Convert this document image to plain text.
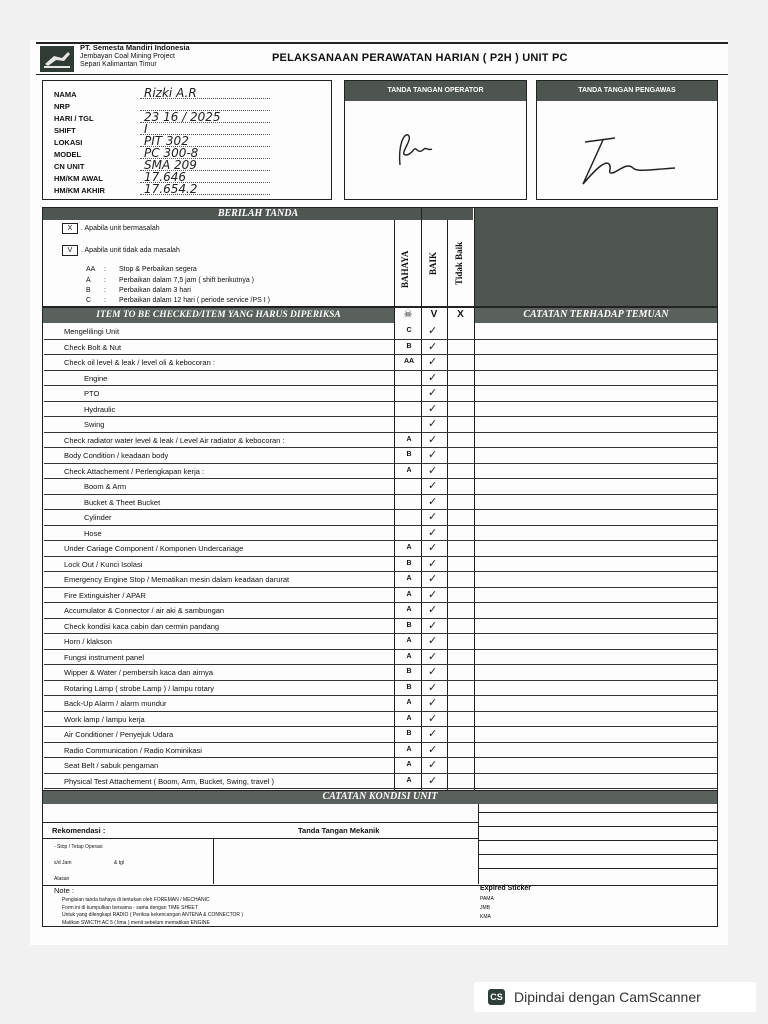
PT. Semesta Mandiri Indonesia
Jembayan Coal Mining Project
Separi Kalimantan Timur
PELAKSANAAN PERAWATAN HARIAN ( P2H ) UNIT PC
NAMA	Rizki A.R
NRP
HARI / TGL	23 16 / 2025
SHIFT	I
LOKASI	PIT 302
MODEL	PC 300-8
CN UNIT	SMA 209
HM/KM AWAL	17.646
HM/KM AKHIR	17.654.2
TANDA TANGAN OPERATOR	TANDA TANGAN PENGAWAS
BERILAH TANDA
X . Apabila unit bermasalah
V . Apabila unit tidak ada masalah
AA : Stop & Perbaikan segera
A : Perbaikan dalam 7,5 jam ( shift berikutnya )
B : Perbaikan dalam 3 hari
C : Perbaikan dalam 12 hari ( periode service /PS I )
BAHAYA BAIK Tidak Baik
ITEM TO BE CHECKED/ITEM YANG HARUS DIPERIKSA	☠	V	X	CATATAN TERHADAP TEMUAN
Mengelilingi Unit	C	✓
Check Bolt & Nut	B	✓
Check oil level & leak / level oli & kebocoran :	AA	✓
Engine	✓
PTO	✓
Hydraulic	✓
Swing	✓
Check radiator water level & leak / Level Air radiator & kebocoran :	A	✓
Body Condition / keadaan body	B	✓
Check Attachement / Perlengkapan kerja :	A	✓
Boom & Arm	✓
Bucket & Theet Bucket	✓
Cylinder	✓
Hose	✓
Under Cariage Component / Komponen Undercariage	A	✓
Lock Out / Kunci Isolasi	B	✓
Emergency Engine Stop / Mematikan mesin dalam keadaan darurat	A	✓
Fire Extinguisher / APAR	A	✓
Accumulator & Connector / air aki & sambungan	A	✓
Check kondisi kaca cabin dan cermin pandang	B	✓
Horn / klakson	A	✓
Fungsi instrument panel	A	✓
Wipper & Water / pembersih kaca dan airnya	B	✓
Rotaring Lamp ( strobe Lamp ) / lampu rotary	B	✓
Back-Up Alarm / alarm mundur	A	✓
Work lamp / lampu kerja	A	✓
Air Conditioner / Penyejuk Udara	B	✓
Radio Communication / Radio Kominikasi	A	✓
Seat Belt / sabuk pengaman	A	✓
Physical Test Attachement ( Boom, Arm, Bucket, Swing, travel )	A	✓
CATATAN KONDISI UNIT
Rekomendasi :	Tanda Tangan Mekanik
- Stop / Tetap Operasi
s/d Jam	& tgl
Alasan
Note :
Pengisian tanda bahaya di tentukan oleh FOREMAN / MECHANIC
Form ini di kumpulkan bersama - sama dengan TIME SHEET
Untuk yang dilengkapi RADIO ( Periksa kekencangan ANTENA & CONNECTOR )
Matikan SWICTH AC 5 ( lima ) menit sebelum mematikan ENGINE
Expired Sticker
PAMA
JMB
KMA
CS Dipindai dengan CamScanner
